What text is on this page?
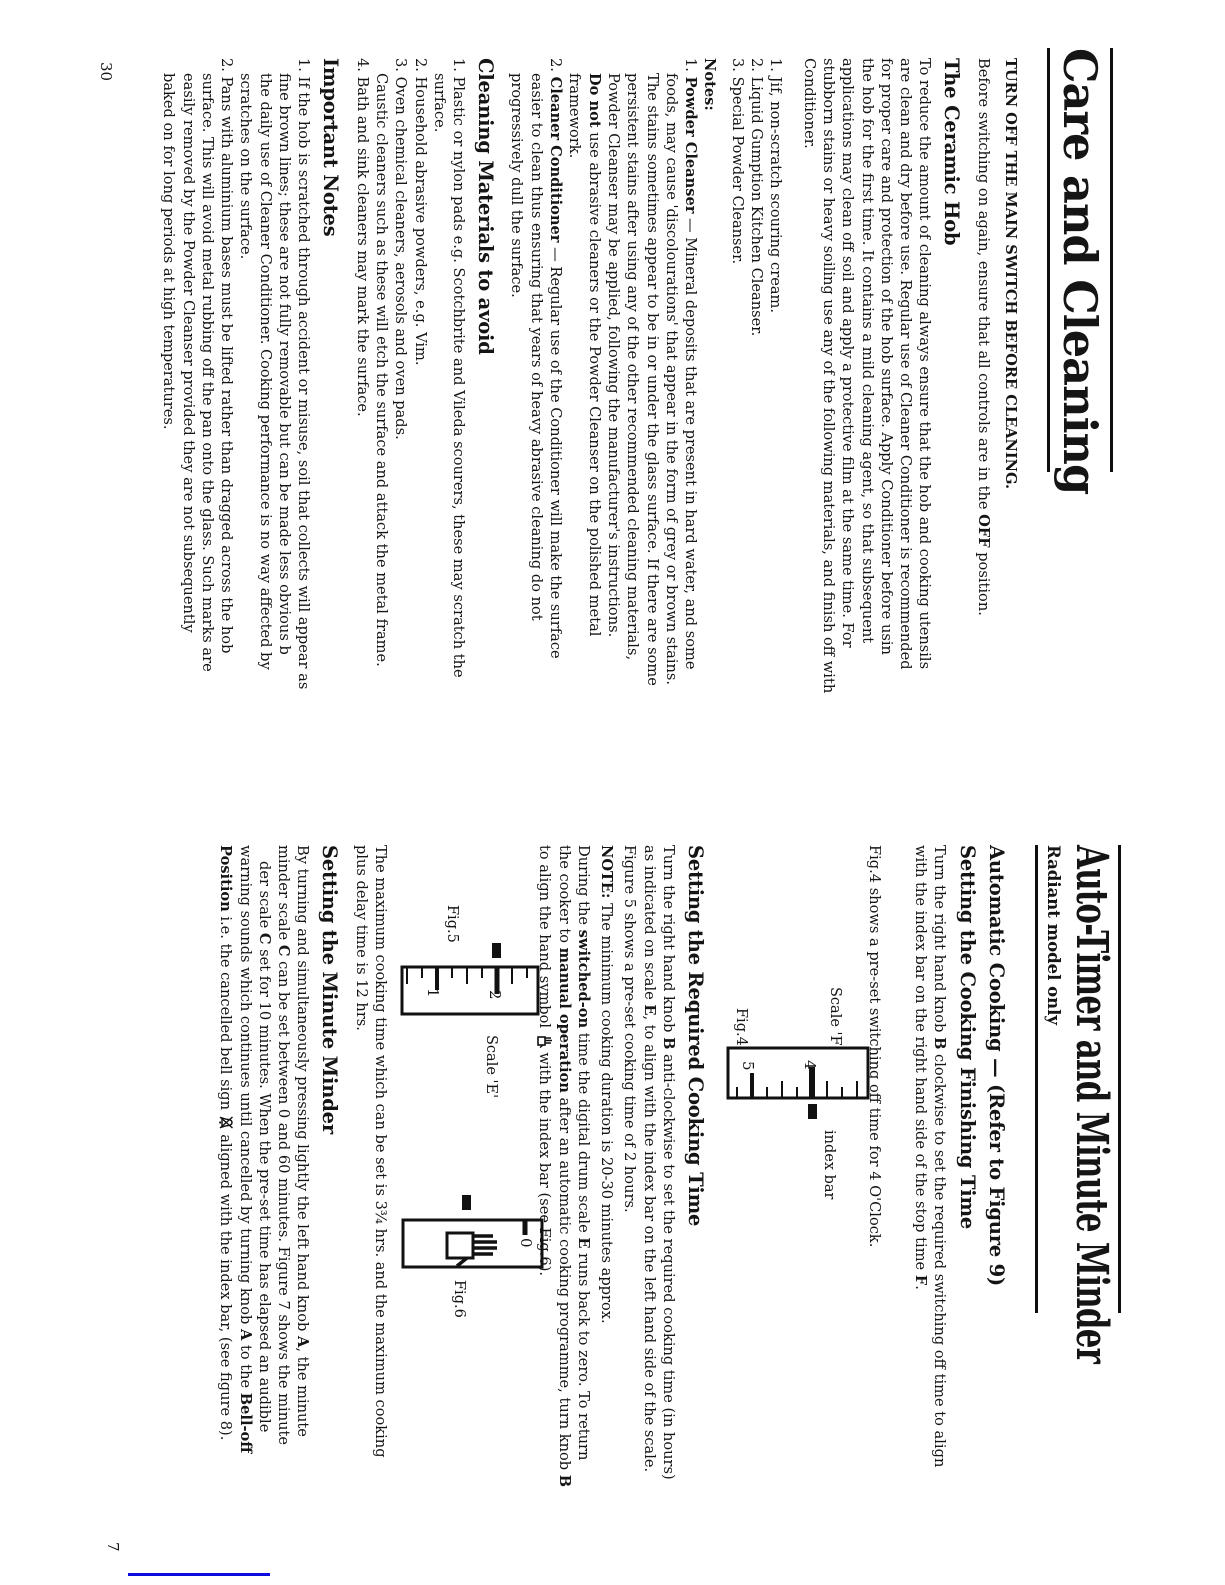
Care and Cleaning
TURN OFF THE MAIN SWITCH BEFORE CLEANING.
Before switching on again, ensure that all controls are in the OFF position.
The Ceramic Hob
To reduce the amount of cleaning always ensure that the hob and cooking utensils
are clean and dry before use. Regular use of Cleaner Conditioner is recommended
for proper care and protection of the hob surface. Apply Conditioner before usin
the hob for the first time. It contains a mild cleaning agent, so that subsequent
applications may clean off soil and apply a protective film at the same time. For
stubborn stains or heavy soiling use any of the following materials, and finish off with
Conditioner.
1. Jif, non-scratch scouring cream.
2. Liquid Gumption Kitchen Cleanser.
3. Special Powder Cleanser.
Notes:
1. Powder Cleanser — Mineral deposits that are present in hard water, and some
foods, may cause 'discolourations' that appear in the form of grey or brown stains.
The stains sometimes appear to be in or under the glass surface. If there are some
persistent stains after using any of the other recommended cleaning materials,
Powder Cleanser may be applied, following the manufacturer's instructions.
Do not use abrasive cleaners or the Powder Cleanser on the polished metal
framework.
2. Cleaner Conditioner — Regular use of the Conditioner will make the surface
easier to clean thus ensuring that years of heavy abrasive cleaning do not
progressively dull the surface.
Cleaning Materials to avoid
1. Plastic or nylon pads e.g. Scotchbrite and Vileda scourers, these may scratch the
surface.
2. Household abrasive powders, e.g. Vim.
3. Oven chemical cleaners, aerosols and oven pads.
Caustic cleaners such as these will etch the surface and attack the metal frame.
4. Bath and sink cleaners may mark the surface.
Important Notes
1. If the hob is scratched through accident or misuse, soil that collects will appear as
fine brown lines; these are not fully removable but can be made less obvious b
the daily use of Cleaner Conditioner. Cooking performance is no way affected by
scratches on the surface.
2. Pans with aluminium bases must be lifted rather than dragged across the hob
surface. This will avoid metal rubbing off the pan onto the glass. Such marks are
easily removed by the Powder Cleanser provided they are not subsequently
baked on for long periods at high temperatures.
30
Auto-Timer and Minute Minder
Radiant model only
Automatic Cooking — (Refer to Figure 9)
Setting the Cooking Finishing Time
Turn the right hand knob B clockwise to set the required switching off time to align
with the index bar on the right hand side of the stop time F.
Fig.4 shows a pre-set switching off time for 4 O'Clock.
Scale 'F'
4
5
index bar
Fig.4
Setting the Required Cooking Time
Turn the right hand knob B anti-clockwise to set the required cooking time (in hours)
as indicated on scale E, to align with the index bar on the left hand side of the scale.
Figure 5 shows a pre-set cooking time of 2 hours.
NOTE: The minimum cooking duration is 20-30 minutes approx.
During the switched-on time the digital drum scale E runs back to zero. To return
the cooker to manual operation after an automatic cooking programme, turn knob B
to align the hand symbol  with the index bar (see Fig.6).
2
1
Scale 'E'
Fig.5
0
Fig.6
The maximum cooking time which can be set is 3¾ hrs. and the maximum cooking
plus delay time is 12 hrs.
Setting the Minute Minder
By turning and simultaneously pressing lightly the left hand knob A, the minute
minder scale C can be set between 0 and 60 minutes. Figure 7 shows the minute
der scale C set for 10 minutes. When the pre-set time has elapsed an audible
warning sounds which continues until cancelled by turning knob A to the Bell-off
Position i.e. the cancelled bell sign  aligned with the index bar, (see figure 8).
7
